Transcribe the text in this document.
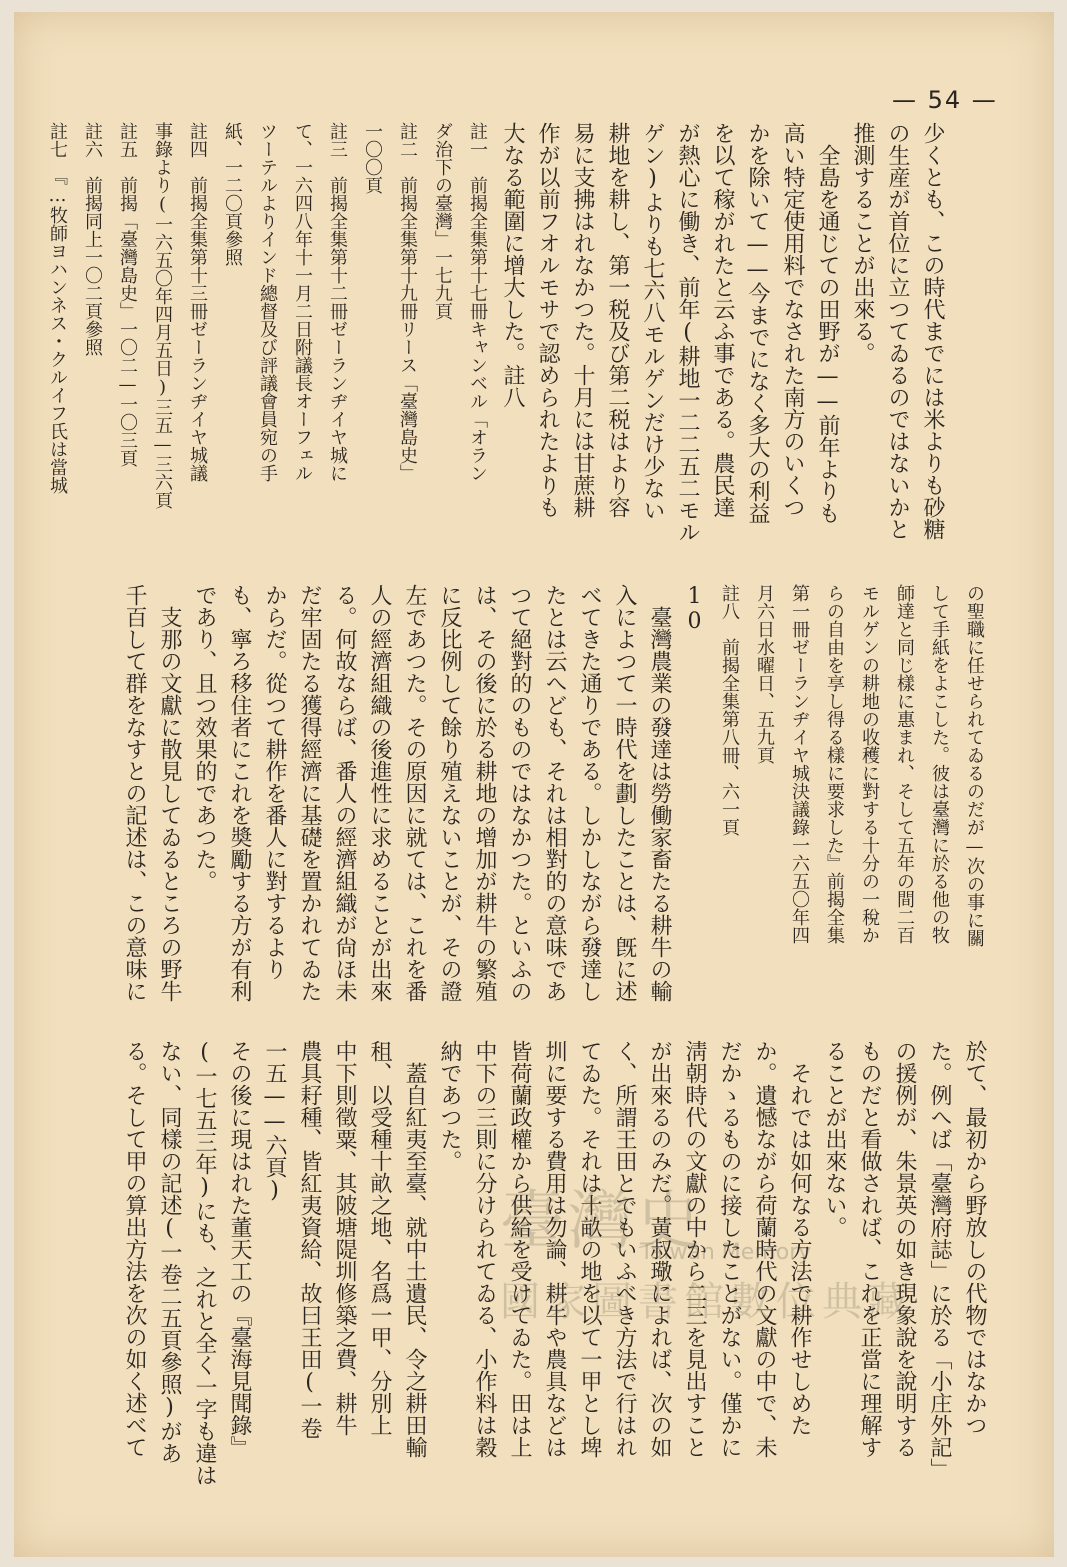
— 54 —
少くとも、この時代までには米よりも砂糖
の生産が首位に立つてゐるのではないかと
推測することが出來る。
　全島を通じての田野が——前年よりも
高い特定使用料でなされた南方のいくつ
かを除いて——今までになく多大の利益
を以て稼がれたと云ふ事である。農民達
が熱心に働き、前年(耕地一二二五二モル
ゲン)よりも七六八モルゲンだけ少ない
耕地を耕し、第一税及び第二税はより容
易に支拂はれなかつた。十月には甘蔗耕
作が以前フオルモサで認められたよりも
大なる範圍に增大した。註八
註一　前揭全集第十七冊キャンベル「オラン
ダ治下の臺灣」一七九頁
註二　前揭全集第十九冊リース「臺灣島史」
一〇〇頁
註三　前揭全集第十二冊ゼーランヂイヤ城に
て、一六四八年十一月二日附議長オーフェル
ツーテルよりインド總督及び評議會員宛の手
紙、一二〇頁參照
註四　前揭全集第十三冊ゼーランヂイヤ城議
事錄より(一六五〇年四月五日)三五—三六頁
註五　前揭「臺灣島史」一〇二—一〇三頁
註六　前揭同上一〇二頁參照
註七　『…牧師ヨハンネス・クルイフ氏は當城
の聖職に任せられてゐるのだが—次の事に關
して手紙をよこした。彼は臺灣に於る他の牧
師達と同じ樣に惠まれ、そして五年の間二百
モルゲンの耕地の收穫に對する十分の一稅か
らの自由を享し得る樣に要求した』前揭全集
第一冊ゼーランヂイヤ城決議錄一六五〇年四
月六日水曜日、五九頁
註八　前揭全集第八冊、六一頁
10
　臺灣農業の發達は勞働家畜たる耕牛の輸
入によつて一時代を劃したことは、旣に述
べてきた通りである。しかしながら發達し
たとは云へども、それは相對的の意味であ
つて絕對的のものではなかつた。といふの
は、その後に於る耕地の增加が耕牛の繁殖
に反比例して餘り殖えないことが、その證
左であつた。その原因に就ては、これを番
人の經濟組織の後進性に求めることが出來
る。何故ならば、番人の經濟組織が尙ほ未
だ牢固たる獲得經濟に基礎を置かれてゐた
からだ。從つて耕作を番人に對するより
も、寧ろ移住者にこれを奬勵する方が有利
であり、且つ效果的であつた。
　支那の文獻に散見してゐるところの野牛
千百して群をなすとの記述は、この意味に
於て、最初から野放しの代物ではなかつ
た。例へば「臺灣府誌」に於る「小庄外記」
の援例が、朱景英の如き現象說を說明する
ものだと看做されば、これを正當に理解す
ることが出來ない。
　それでは如何なる方法で耕作せしめた
か。遺憾ながら荷蘭時代の文獻の中で、未
だかゝるものに接したことがない。僅かに
淸朝時代の文獻の中から二三を見出すこと
が出來るのみだ。黃叔璥によれば、次の如
く、所謂王田とでもいふべき方法で行はれ
てゐた。それは十畝の地を以て一甲とし埤
圳に要する費用は勿論、耕牛や農具などは
皆荷蘭政權から供給を受けてゐた。田は上
中下の三則に分けられてゐる、小作料は穀
納であつた。
　蓋自紅夷至臺、就中土遺民、令之耕田輸
租、以受種十畝之地、名爲一甲、分別上
中下則徵粟、其陂塘隄圳修築之費、耕牛
農具耔種、皆紅夷資給、故曰王田(一卷
一五——六頁)
その後に現はれた董天工の『臺海見聞錄』
(一七五三年)にも、之れと全く一字も違は
ない、同樣の記述(一卷二五頁參照)があ
る。そして甲の算出方法を次の如く述べて	臺灣史
Taiwan Memory
國家圖書館數位典藏
